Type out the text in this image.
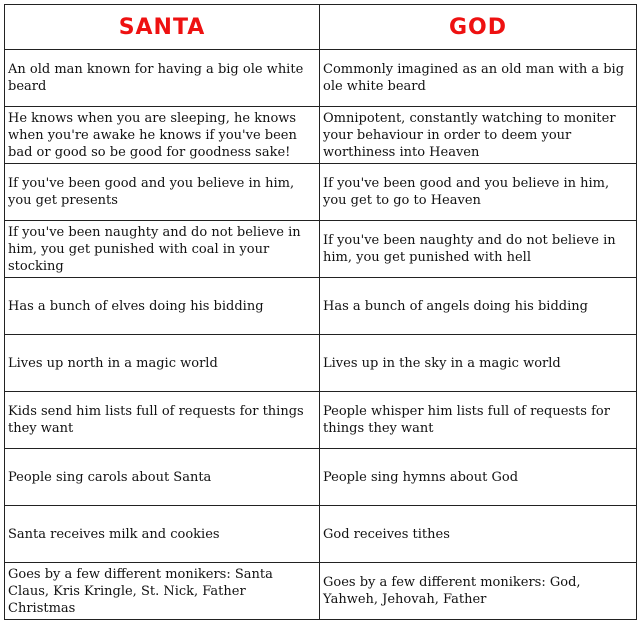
SANTA	GOD
An old man known for having a big ole white beard	Commonly imagined as an old man with a big ole white beard
He knows when you are sleeping, he knows when you're awake he knows if you've been bad or good so be good for goodness sake!	Omnipotent, constantly watching to moniter your behaviour in order to deem your worthiness into Heaven
If you've been good and you believe in him, you get presents	If you've been good and you believe in him, you get to go to Heaven
If you've been naughty and do not believe in him, you get punished with coal in your stocking	If you've been naughty and do not believe in him, you get punished with hell
Has a bunch of elves doing his bidding	Has a bunch of angels doing his bidding
Lives up north in a magic world	Lives up in the sky in a magic world
Kids send him lists full of requests for things they want	People whisper him lists full of requests for things they want
People sing carols about Santa	People sing hymns about God
Santa receives milk and cookies	God receives tithes
Goes by a few different monikers: Santa Claus, Kris Kringle, St. Nick, Father Christmas	Goes by a few different monikers: God, Yahweh, Jehovah, Father
